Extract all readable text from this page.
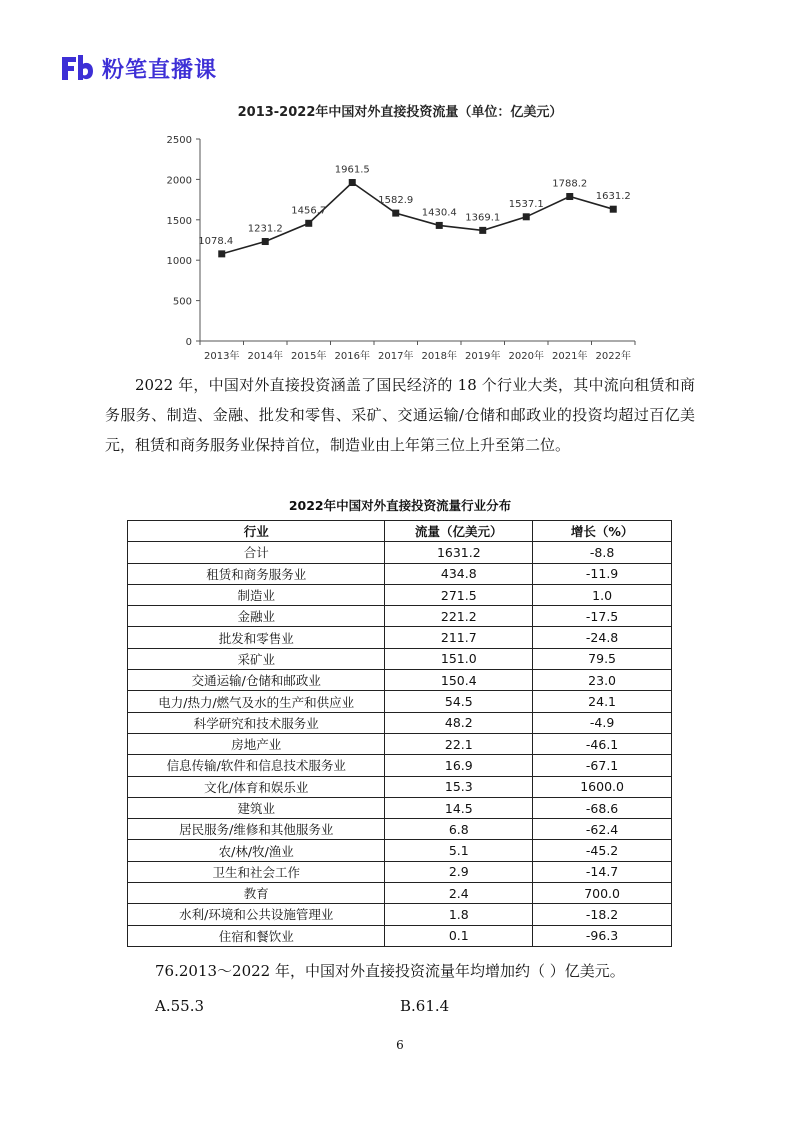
粉笔直播课
0
500
1000
1500
2000
2500
2013年 2014年 2015年 2016年 2017年 2018年 2019年 2020年 2021年 2022年
1078.4
1231.2
1456.7
1961.5
1582.9
1430.4 1369.1
1537.1
1788.2
1631.2
2013-2022年中国对外直接投资流量（单位：亿美元）
2022 年，中国对外直接投资涵盖了国民经济的 18 个行业大类，其中流向租赁和商务服务、制造、金融、批发和零售、采矿、交通运输/仓储和邮政业的投资均超过百亿美元，租赁和商务服务业保持首位，制造业由上年第三位上升至第二位。
2022年中国对外直接投资流量行业分布
行业	流量（亿美元）	增长（%）
合计	1631.2	-8.8
租赁和商务服务业	434.8	-11.9
制造业	271.5	1.0
金融业	221.2	-17.5
批发和零售业	211.7	-24.8
采矿业	151.0	79.5
交通运输/仓储和邮政业	150.4	23.0
电力/热力/燃气及水的生产和供应业	54.5	24.1
科学研究和技术服务业	48.2	-4.9
房地产业	22.1	-46.1
信息传输/软件和信息技术服务业	16.9	-67.1
文化/体育和娱乐业	15.3	1600.0
建筑业	14.5	-68.6
居民服务/维修和其他服务业	6.8	-62.4
农/林/牧/渔业	5.1	-45.2
卫生和社会工作	2.9	-14.7
教育	2.4	700.0
水利/环境和公共设施管理业	1.8	-18.2
住宿和餐饮业	0.1	-96.3
76.2013～2022 年，中国对外直接投资流量年均增加约（ ）亿美元。
A.55.3	B.61.4
6
